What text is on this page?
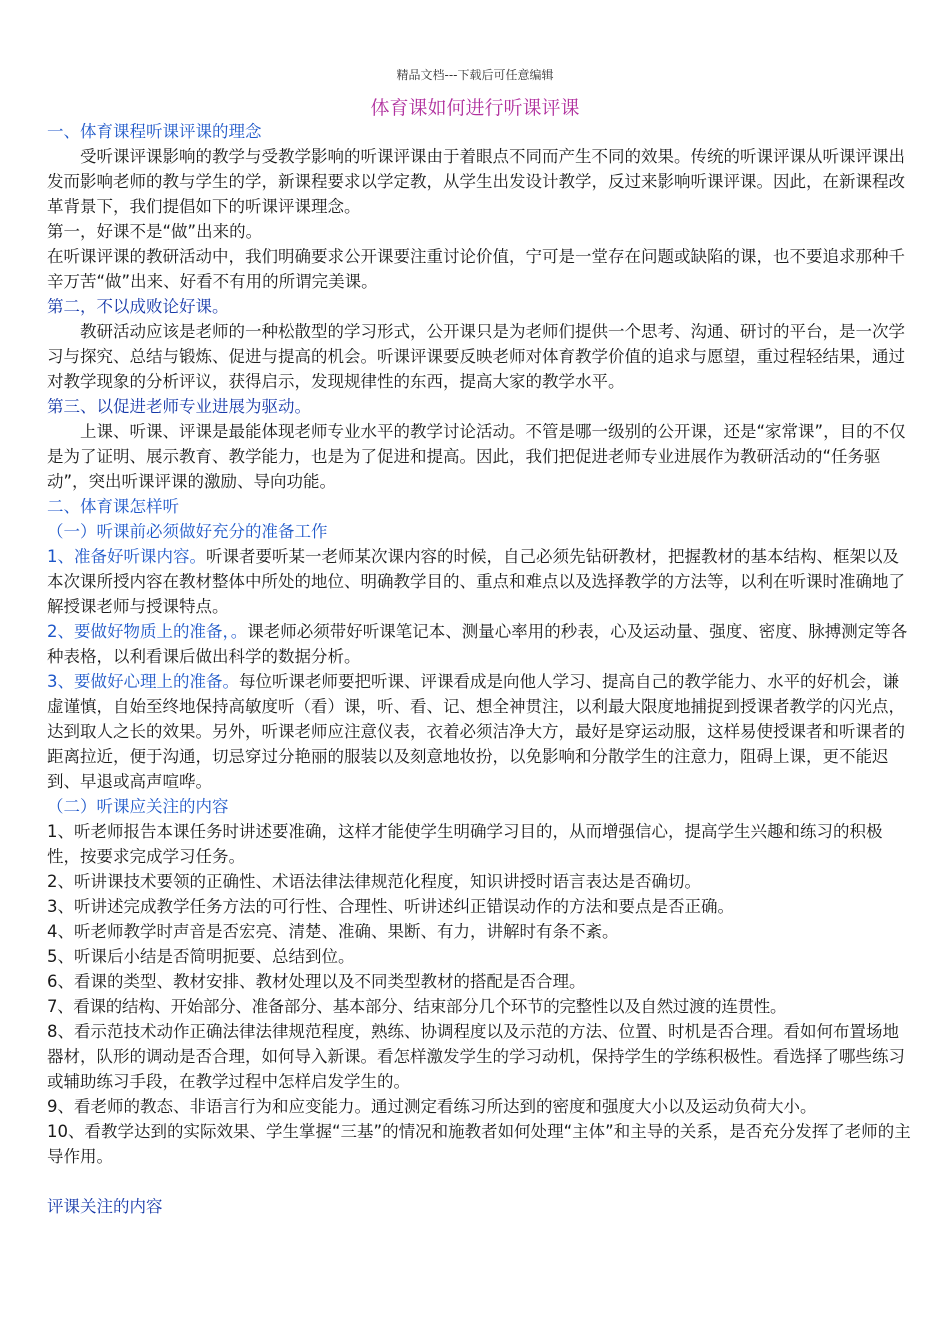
精品文档---下载后可任意编辑
体育课如何进行听课评课

一、体育课程听课评课的理念

受听课评课影响的教学与受教学影响的听课评课由于着眼点不同而产生不同的效果。传统的听课评课从听课评课出发而影响老师的教与学生的学，新课程要求以学定教，从学生出发设计教学，反过来影响听课评课。因此，在新课程改革背景下，我们提倡如下的听课评课理念。

第一，好课不是“做”出来的。

在听课评课的教研活动中，我们明确要求公开课要注重讨论价值，宁可是一堂存在问题或缺陷的课，也不要追求那种千辛万苦“做”出来、好看不有用的所谓完美课。

第二，不以成败论好课。

教研活动应该是老师的一种松散型的学习形式，公开课只是为老师们提供一个思考、沟通、研讨的平台，是一次学习与探究、总结与锻炼、促进与提高的机会。听课评课要反映老师对体育教学价值的追求与愿望，重过程轻结果，通过对教学现象的分析评议，获得启示，发现规律性的东西，提高大家的教学水平。

第三、以促进老师专业进展为驱动。

上课、听课、评课是最能体现老师专业水平的教学讨论活动。不管是哪一级别的公开课，还是“家常课”，目的不仅是为了证明、展示教育、教学能力，也是为了促进和提高。因此，我们把促进老师专业进展作为教研活动的“任务驱动”，突出听课评课的激励、导向功能。

二、体育课怎样听

（一）听课前必须做好充分的准备工作

1、准备好听课内容。听课者要听某一老师某次课内容的时候，自己必须先钻研教材，把握教材的基本结构、框架以及本次课所授内容在教材整体中所处的地位、明确教学目的、重点和难点以及选择教学的方法等，以利在听课时准确地了解授课老师与授课特点。

2、要做好物质上的准备，。课老师必须带好听课笔记本、测量心率用的秒表，心及运动量、强度、密度、脉搏测定等各种表格，以利看课后做出科学的数据分析。

3、要做好心理上的准备。每位听课老师要把听课、评课看成是向他人学习、提高自己的教学能力、水平的好机会，谦虚谨慎，自始至终地保持高敏度听（看）课，听、看、记、想全神贯注，以利最大限度地捕捉到授课者教学的闪光点，达到取人之长的效果。另外，听课老师应注意仪表，衣着必须洁净大方，最好是穿运动服，这样易使授课者和听课者的距离拉近，便于沟通，切忌穿过分艳丽的服装以及刻意地妆扮，以免影响和分散学生的注意力，阻碍上课，更不能迟到、早退或高声喧哗。

（二）听课应关注的内容

1、听老师报告本课任务时讲述要准确，这样才能使学生明确学习目的，从而增强信心，提高学生兴趣和练习的积极性，按要求完成学习任务。

2、听讲课技术要领的正确性、术语法律法律规范化程度，知识讲授时语言表达是否确切。

3、听讲述完成教学任务方法的可行性、合理性、听讲述纠正错误动作的方法和要点是否正确。

4、听老师教学时声音是否宏亮、清楚、准确、果断、有力，讲解时有条不紊。

5、听课后小结是否简明扼要、总结到位。

6、看课的类型、教材安排、教材处理以及不同类型教材的搭配是否合理。

7、看课的结构、开始部分、准备部分、基本部分、结束部分几个环节的完整性以及自然过渡的连贯性。

8、看示范技术动作正确法律法律规范程度，熟练、协调程度以及示范的方法、位置、时机是否合理。看如何布置场地器材，队形的调动是否合理，如何导入新课。看怎样激发学生的学习动机，保持学生的学练积极性。看选择了哪些练习或辅助练习手段，在教学过程中怎样启发学生的。

9、看老师的教态、非语言行为和应变能力。通过测定看练习所达到的密度和强度大小以及运动负荷大小。

10、看教学达到的实际效果、学生掌握“三基”的情况和施教者如何处理“主体”和主导的关系，是否充分发挥了老师的主导作用。

评课关注的内容
